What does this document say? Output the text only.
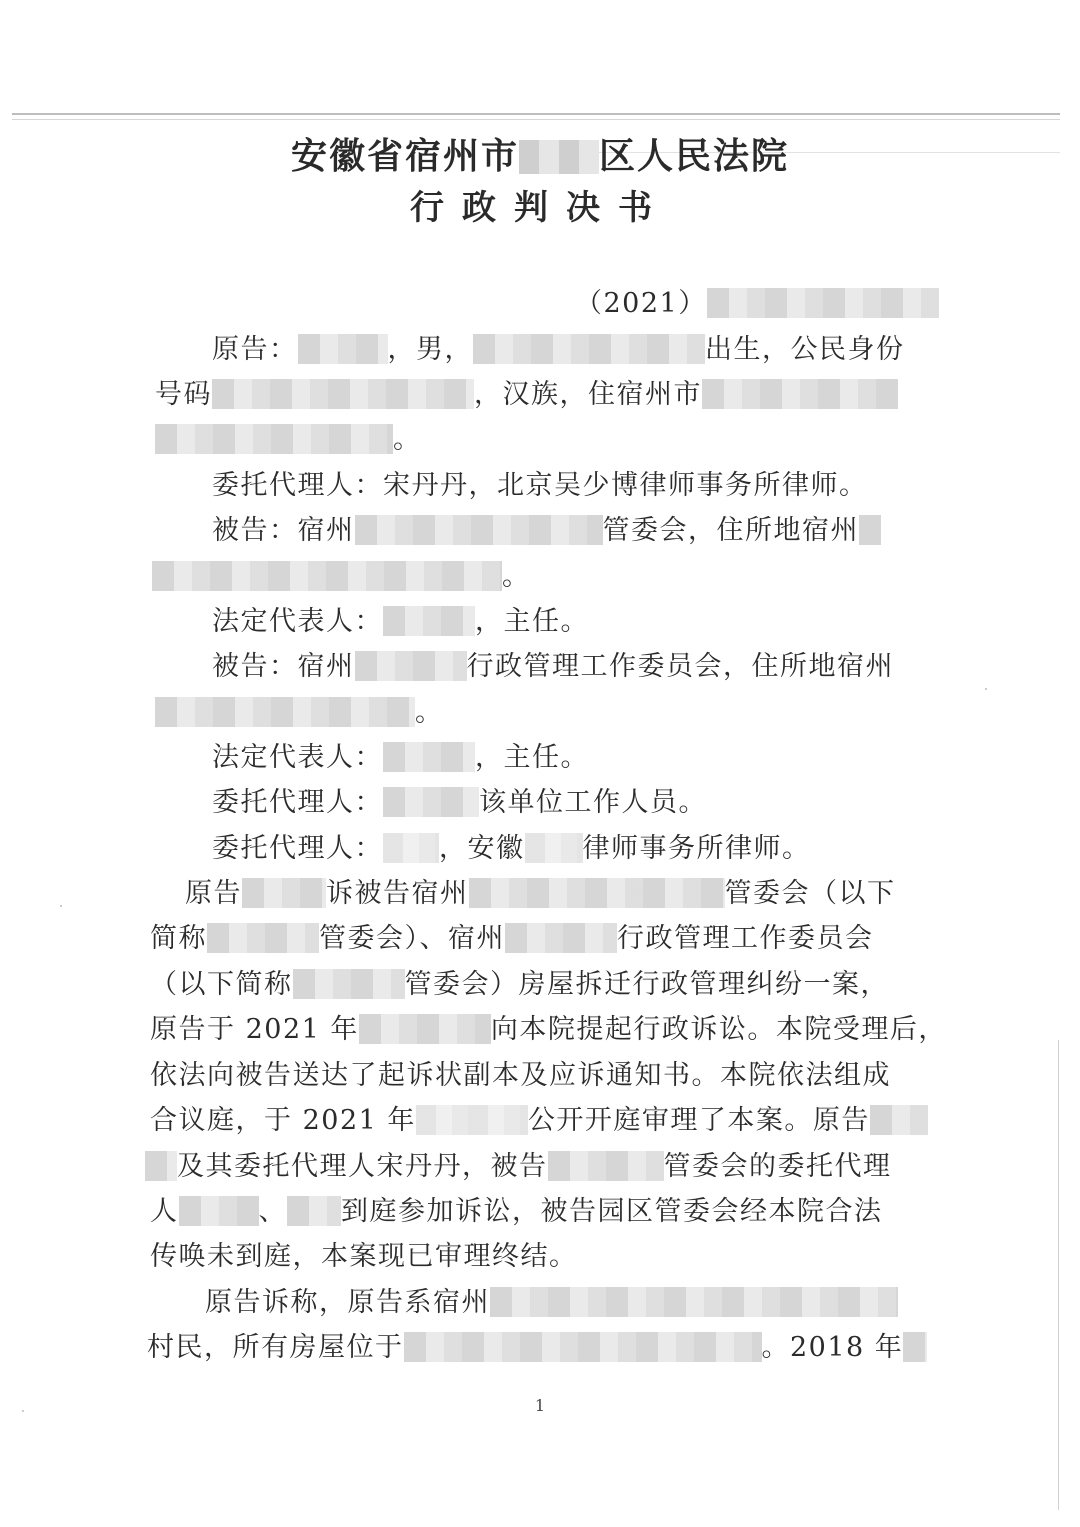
安徽省宿州市 区人民法院
行政判决书
（2021）
原告：	，男，	出生，公民身份
号码	，汉族，住宿州市
。
委托代理人：宋丹丹，北京吴少博律师事务所律师。
被告：宿州	管委会，住所地宿州
。
法定代表人：	，主任。
被告：宿州	行政管理工作委员会，住所地宿州
。
法定代表人：	，主任。
委托代理人：	该单位工作人员。
委托代理人： ，安徽 律师事务所律师。
原告	诉被告宿州	管委会（以下
简称	管委会）、宿州	行政管理工作委员会
（以下简称	管委会）房屋拆迁行政管理纠纷一案，
原告于 2021 年	向本院提起行政诉讼。本院受理后，
依法向被告送达了起诉状副本及应诉通知书。本院依法组成
合议庭，于 2021 年	公开开庭审理了本案。原告
及其委托代理人宋丹丹，被告	管委会的委托代理
人	、 到庭参加诉讼，被告园区管委会经本院合法
传唤未到庭，本案现已审理终结。
原告诉称，原告系宿州
村民，所有房屋位于	。2018 年
1
